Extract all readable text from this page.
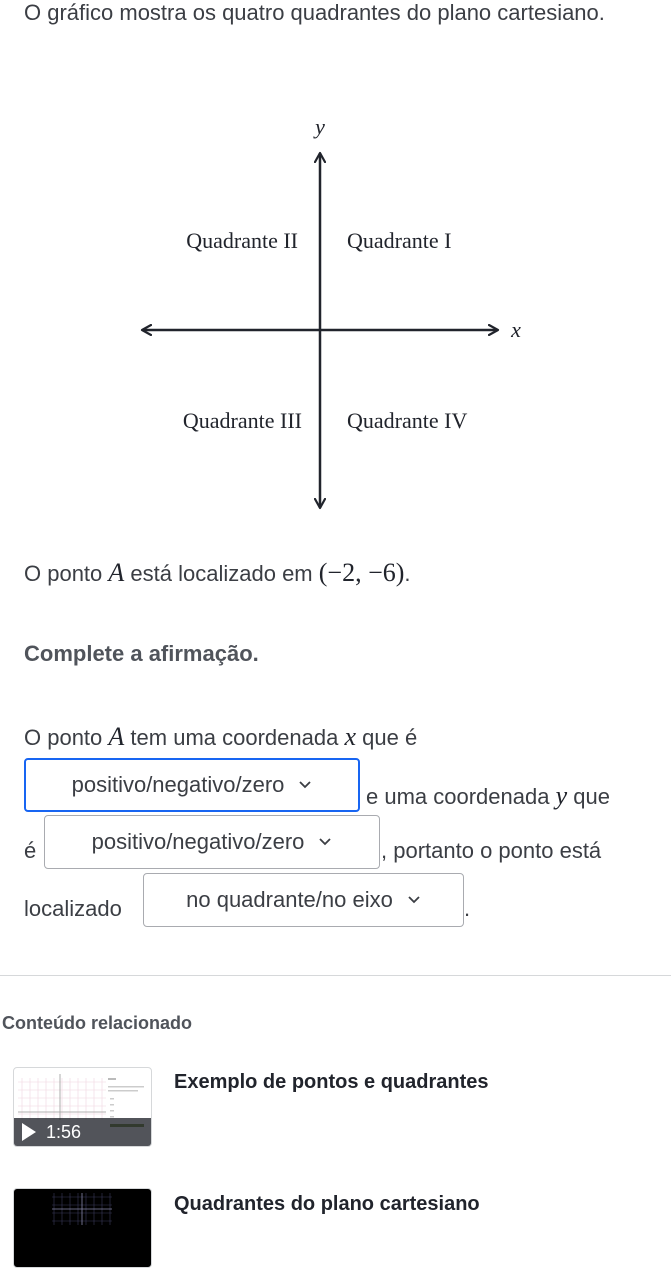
O gráfico mostra os quatro quadrantes do plano cartesiano.

y
x
Quadrante II Quadrante I
Quadrante III Quadrante IV
O ponto A está localizado em (−2, −6).
Complete a afirmação.
O ponto A tem uma coordenada x que é
positivo/negativo/zero	e uma coordenada y que
é	positivo/negativo/zero	, portanto o ponto está
localizado	no quadrante/no eixo	.
Conteúdo relacionado
1:56
Exemplo de pontos e quadrantes
Quadrantes do plano cartesiano
